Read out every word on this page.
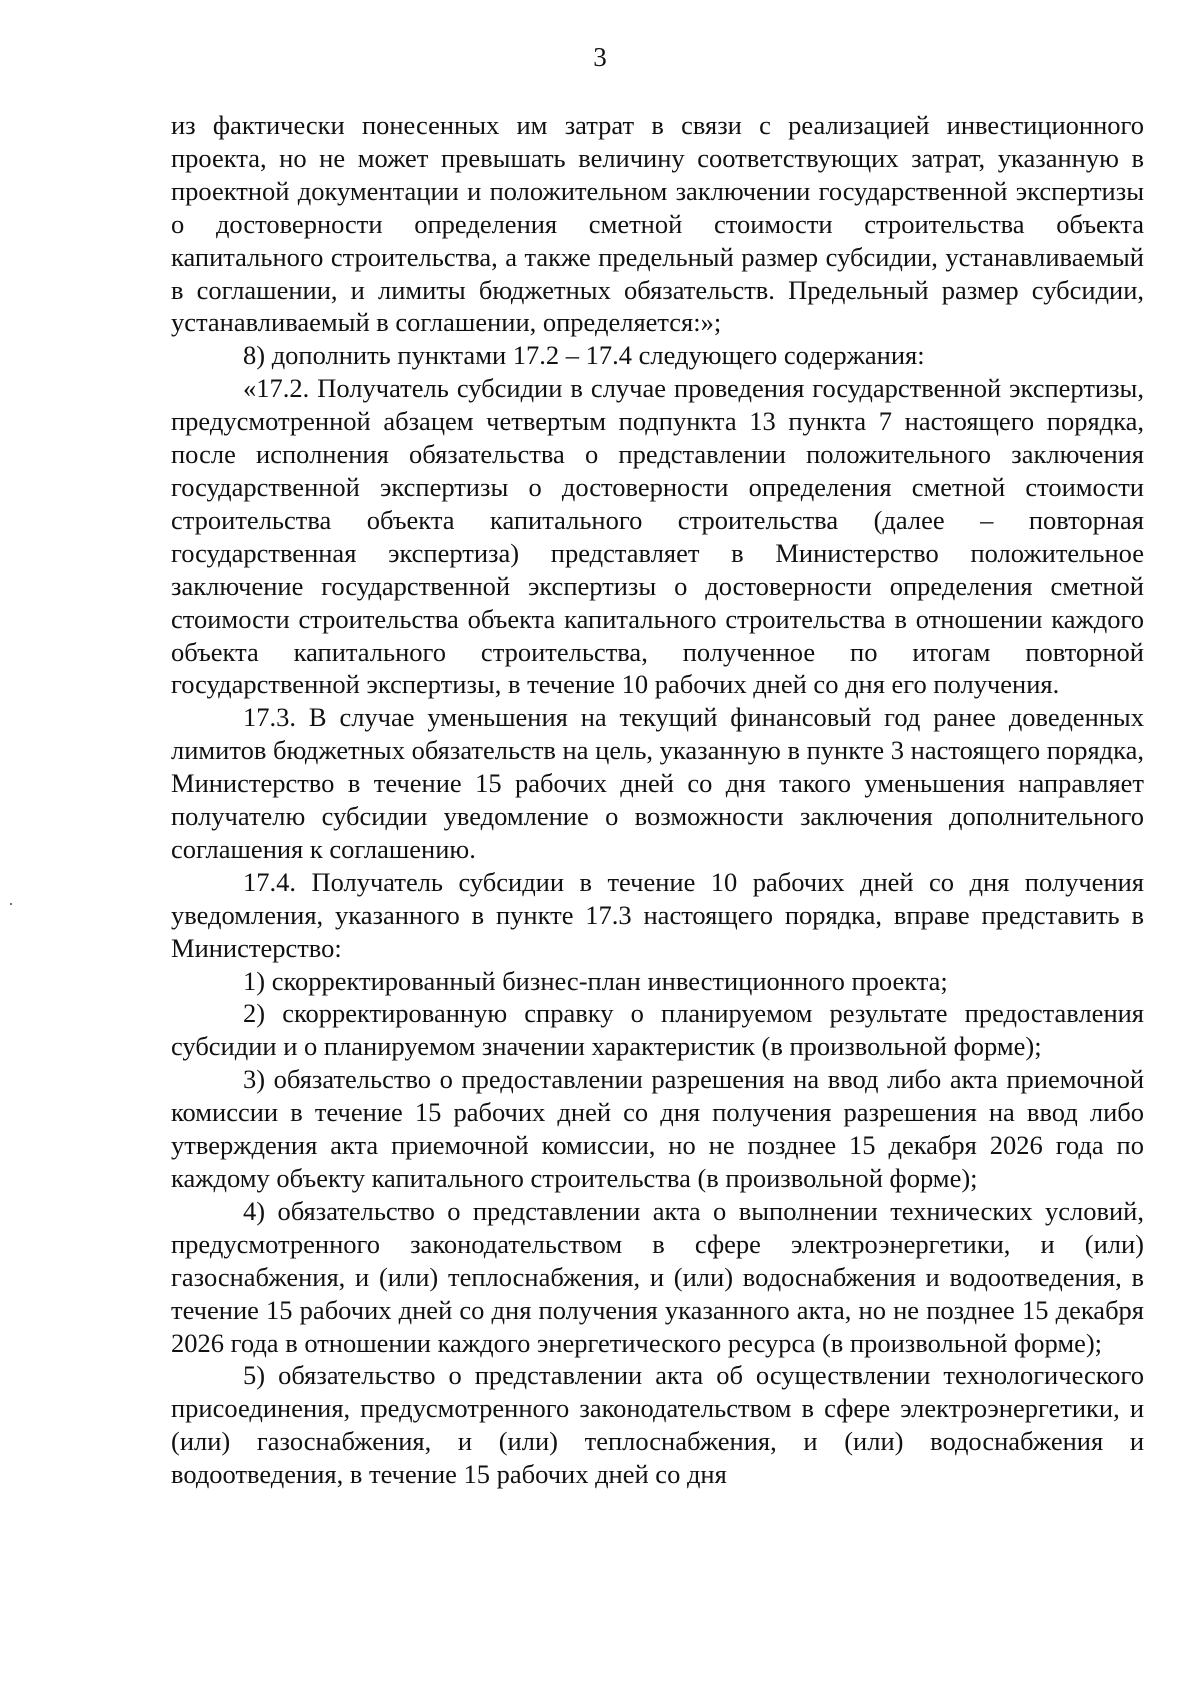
3

из фактически понесенных им затрат в связи с реализацией инвестиционного проекта, но не может превышать величину соответствующих затрат, указанную в проектной документации и положительном заключении государственной экспертизы о достоверности определения сметной стоимости строительства объекта капитального строительства, а также предельный размер субсидии, устанавливаемый в соглашении, и лимиты бюджетных обязательств. Предельный размер субсидии, устанавливаемый в соглашении, определяется:»;

8) дополнить пунктами 17.2 – 17.4 следующего содержания:

«17.2. Получатель субсидии в случае проведения государственной экспертизы, предусмотренной абзацем четвертым подпункта 13 пункта 7 настоящего порядка, после исполнения обязательства о представлении положительного заключения государственной экспертизы о достоверности определения сметной стоимости строительства объекта капитального строительства (далее – повторная государственная экспертиза) представляет в Министерство положительное заключение государственной экспертизы о достоверности определения сметной стоимости строительства объекта капитального строительства в отношении каждого объекта капитального строительства, полученное по итогам повторной государственной экспертизы, в течение 10 рабочих дней со дня его получения.

17.3. В случае уменьшения на текущий финансовый год ранее доведенных лимитов бюджетных обязательств на цель, указанную в пункте 3 настоящего порядка, Министерство в течение 15 рабочих дней со дня такого уменьшения направляет получателю субсидии уведомление о возможности заключения дополнительного соглашения к соглашению.

17.4. Получатель субсидии в течение 10 рабочих дней со дня получения уведомления, указанного в пункте 17.3 настоящего порядка, вправе представить в Министерство:

1) скорректированный бизнес-план инвестиционного проекта;

2) скорректированную справку о планируемом результате предоставления субсидии и о планируемом значении характеристик (в произвольной форме);

3) обязательство о предоставлении разрешения на ввод либо акта приемочной комиссии в течение 15 рабочих дней со дня получения разрешения на ввод либо утверждения акта приемочной комиссии, но не позднее 15 декабря 2026 года по каждому объекту капитального строительства (в произвольной форме);

4) обязательство о представлении акта о выполнении технических условий, предусмотренного законодательством в сфере электроэнергетики, и (или) газоснабжения, и (или) теплоснабжения, и (или) водоснабжения и водоотведения, в течение 15 рабочих дней со дня получения указанного акта, но не позднее 15 декабря 2026 года в отношении каждого энергетического ресурса (в произвольной форме);

5) обязательство о представлении акта об осуществлении технологического присоединения, предусмотренного законодательством в сфере электроэнергетики, и (или) газоснабжения, и (или) теплоснабжения, и (или) водоснабжения и водоотведения, в течение 15 рабочих дней со дня
